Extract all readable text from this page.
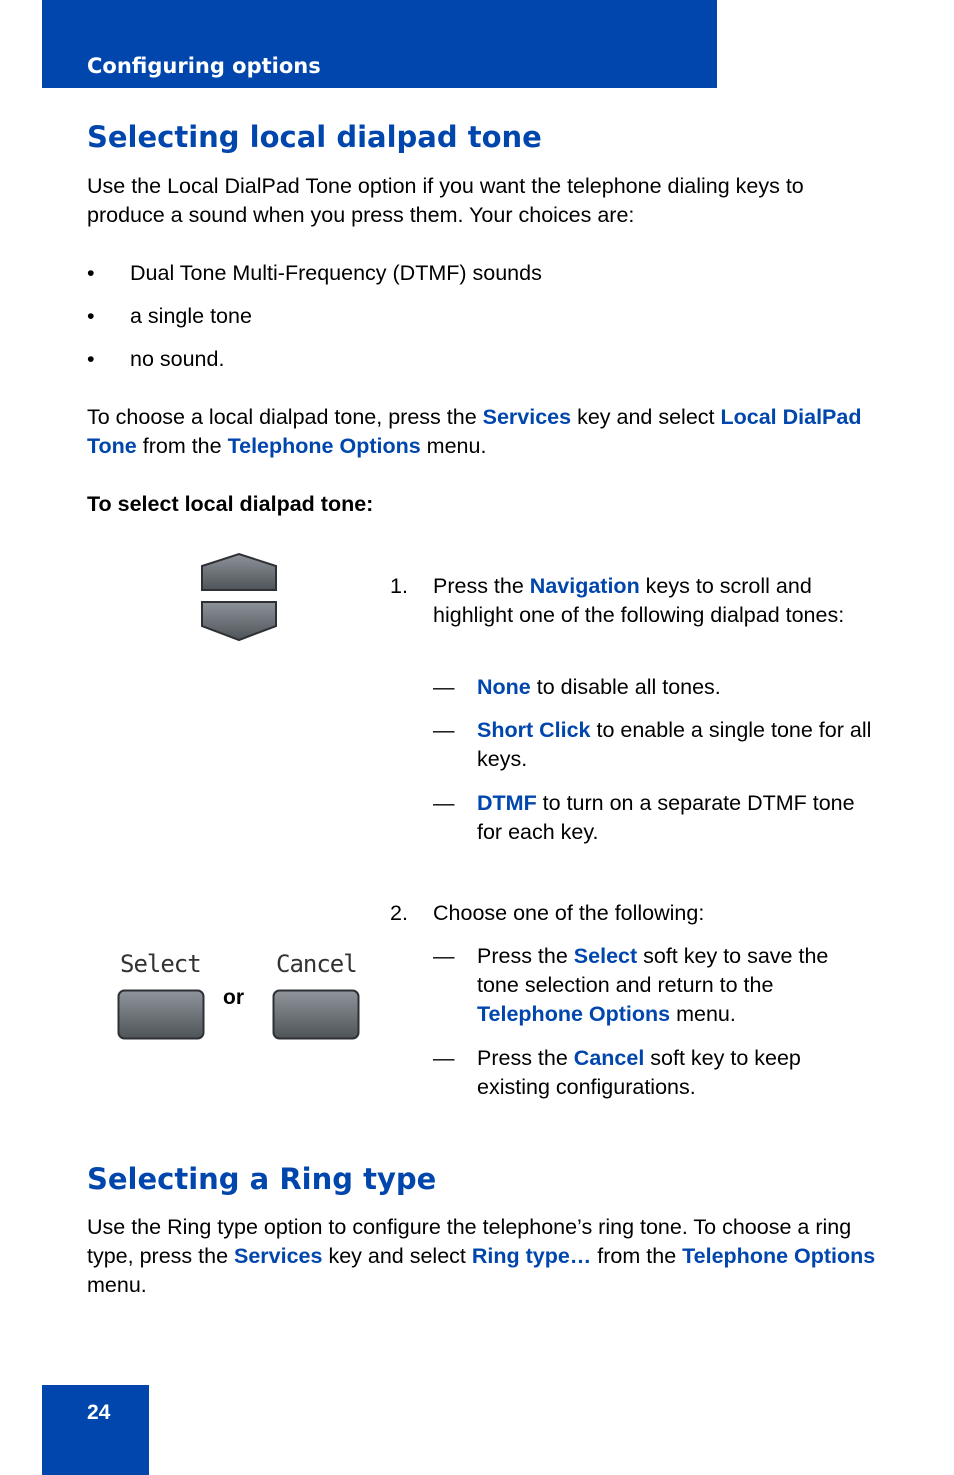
Configuring options
Selecting local dialpad tone

Use the Local DialPad Tone option if you want the telephone dialing keys to produce a sound when you press them. Your choices are:

• Dual Tone Multi-Frequency (DTMF) sounds
• a single tone
• no sound.

To choose a local dialpad tone, press the Services key and select Local DialPad Tone from the Telephone Options menu.

To select local dialpad tone:
1. Press the Navigation keys to scroll and highlight one of the following dialpad tones:
— None to disable all tones.
— Short Click to enable a single tone for all keys.
— DTMF to turn on a separate DTMF tone for each key.
2. Choose one of the following:
— Press the Select soft key to save the tone selection and return to the Telephone Options menu.
— Press the Cancel soft key to keep existing configurations.
Select
or
Cancel
Selecting a Ring type

Use the Ring type option to configure the telephone’s ring tone. To choose a ring type, press the Services key and select Ring type… from the Telephone Options menu.

24
